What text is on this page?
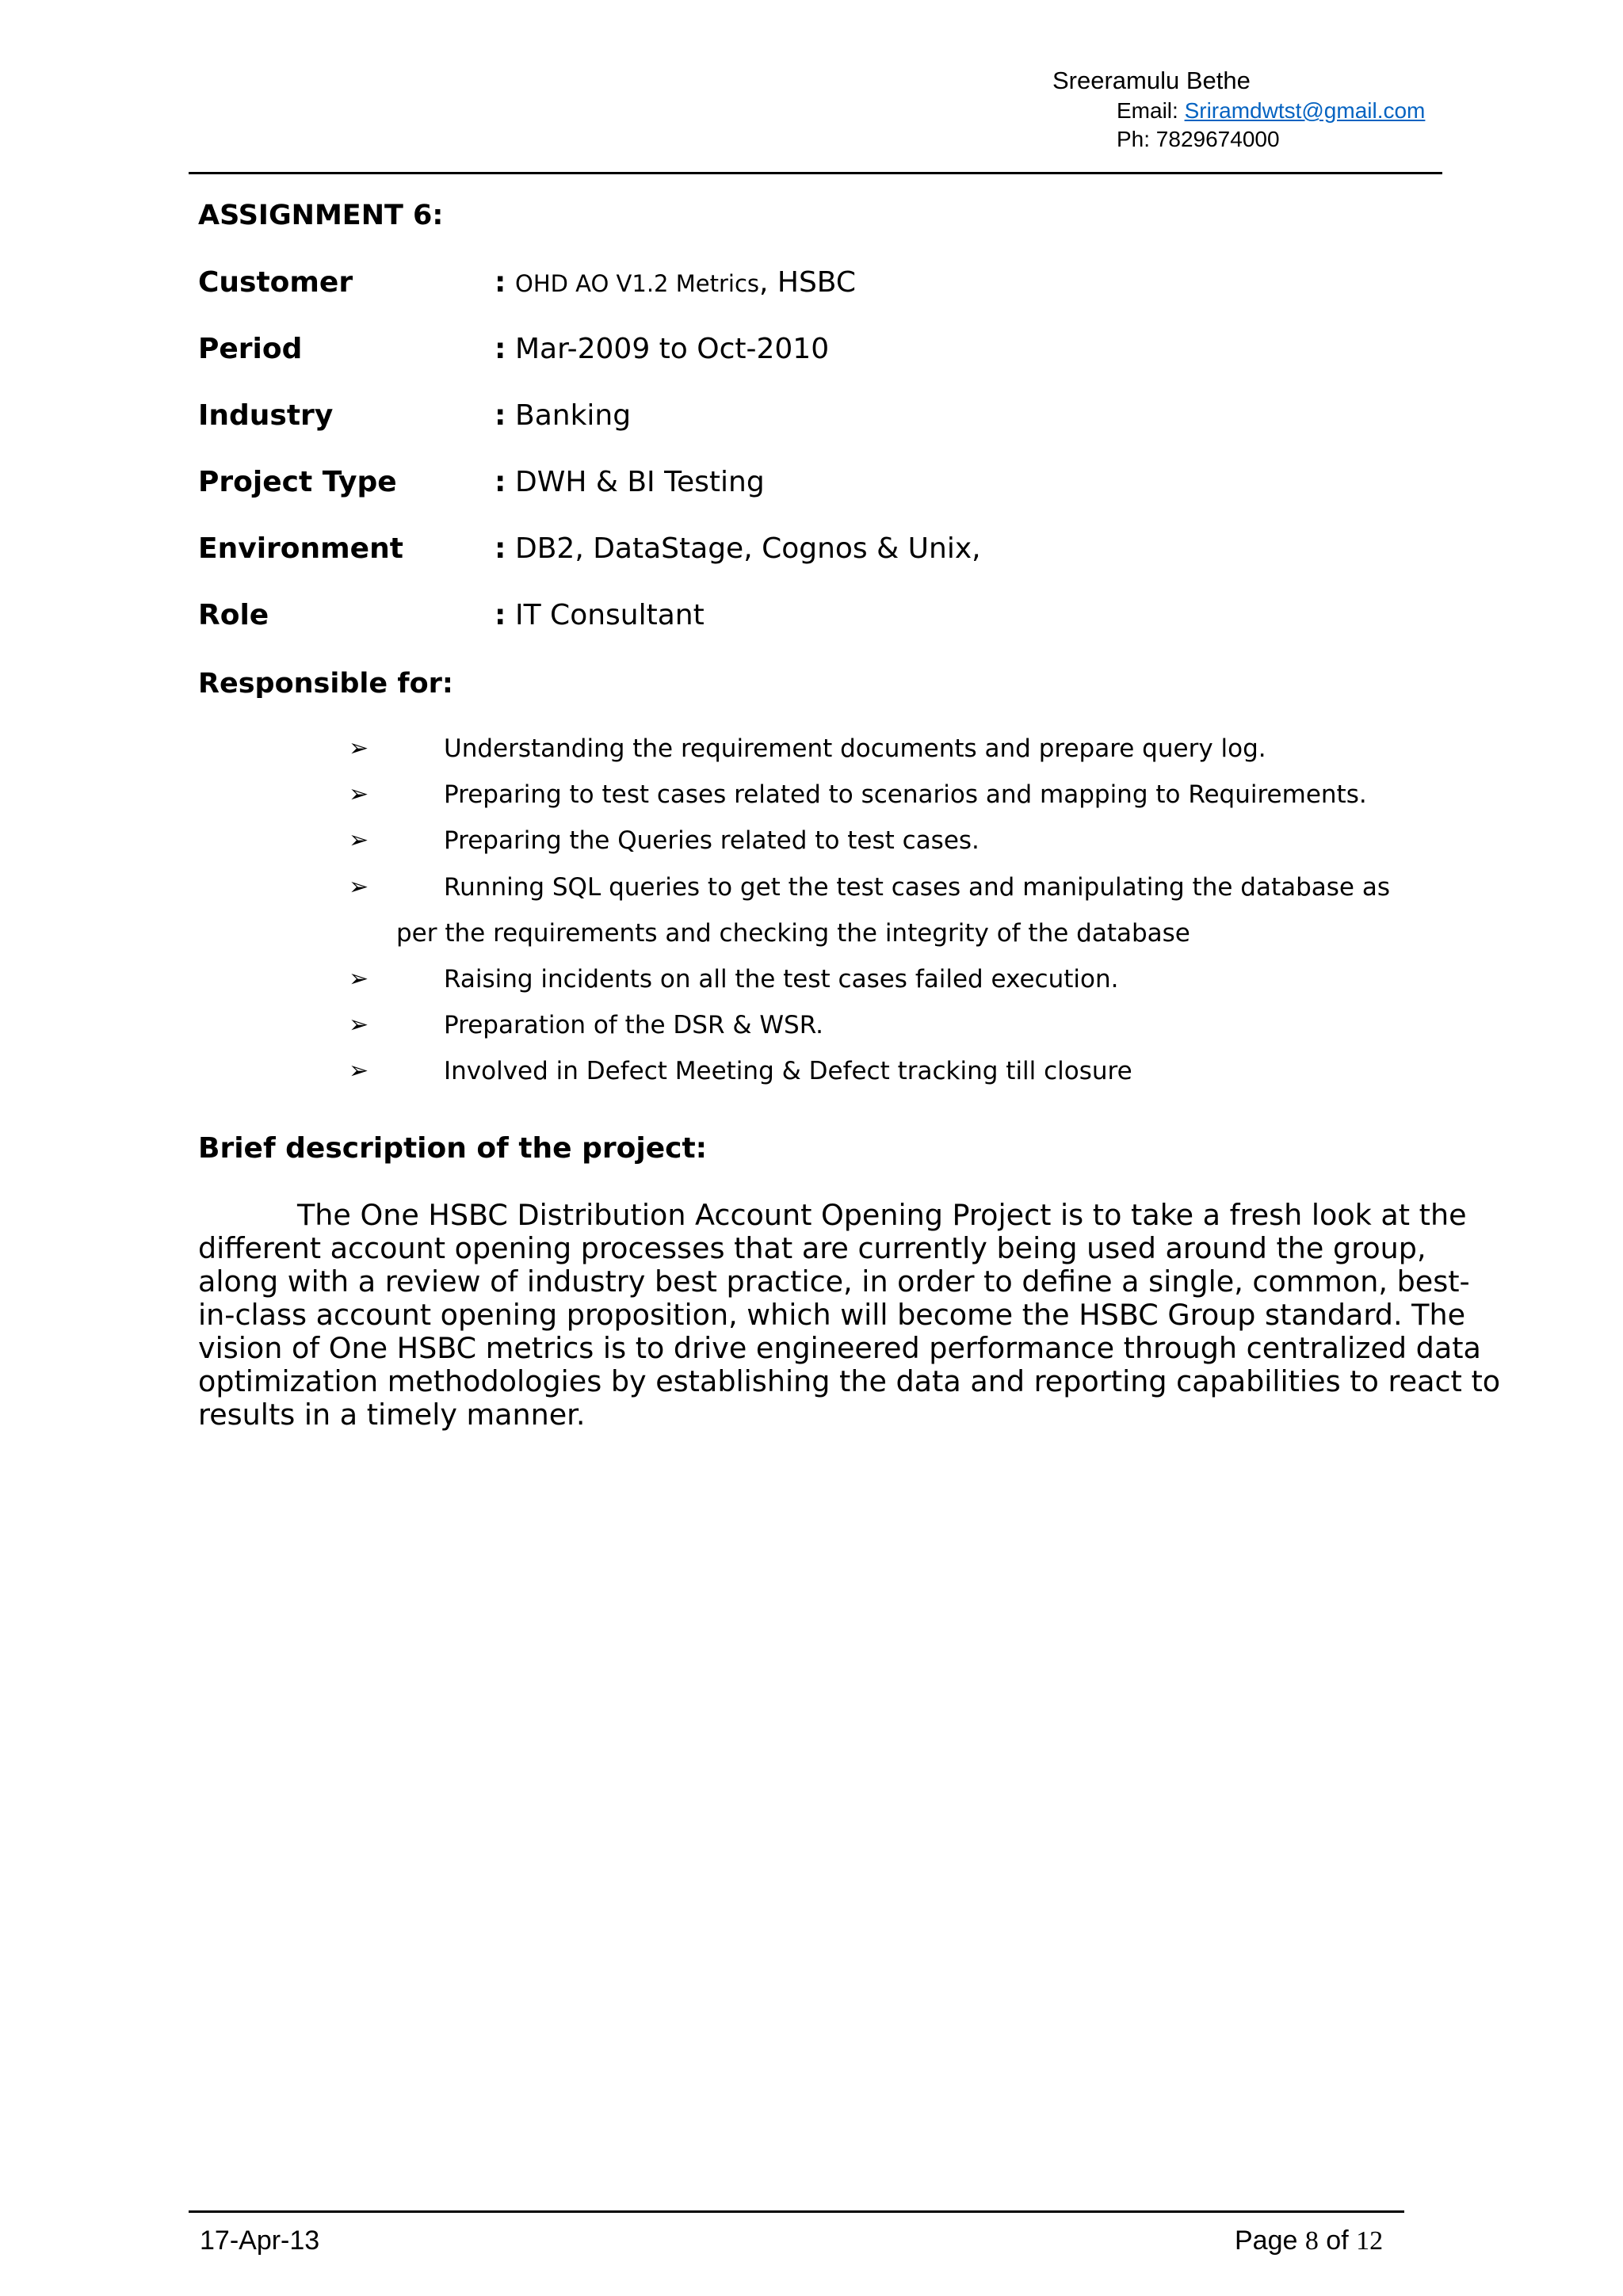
Sreeramulu Bethe
Email: Sriramdwtst@gmail.com
Ph: 7829674000
ASSIGNMENT 6:
Customer	: OHD AO V1.2 Metrics, HSBC
Period	: Mar-2009 to Oct-2010
Industry	: Banking
Project Type	: DWH & BI Testing
Environment	: DB2, DataStage, Cognos & Unix,
Role	: IT Consultant
Responsible for:
➢	Understanding the requirement documents and prepare query log.
➢	Preparing to test cases related to scenarios and mapping to Requirements.
➢	Preparing the Queries related to test cases.
➢	Running SQL queries to get the test cases and manipulating the database as
per the requirements and checking the integrity of the database
➢	Raising incidents on all the test cases failed execution.
➢	Preparation of the DSR & WSR.
➢	Involved in Defect Meeting & Defect tracking till closure
Brief description of the project:
The One HSBC Distribution Account Opening Project is to take a fresh look at the
different account opening processes that are currently being used around the group,
along with a review of industry best practice, in order to define a single, common, best-
in-class account opening proposition, which will become the HSBC Group standard. The
vision of One HSBC metrics is to drive engineered performance through centralized data
optimization methodologies by establishing the data and reporting capabilities to react to
results in a timely manner.
17-Apr-13	Page 8 of 12
